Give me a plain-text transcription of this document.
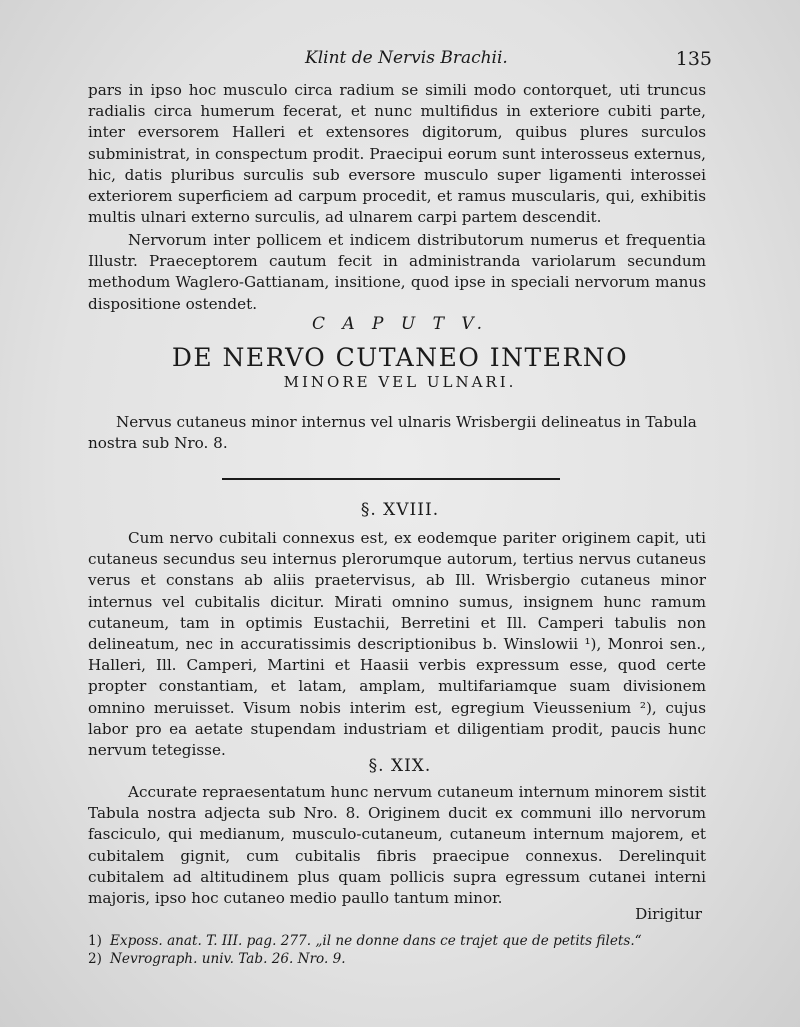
Klint de Nervis Brachii.	135

pars in ipso hoc musculo circa radium se simili modo contorquet, uti truncus radialis circa humerum fecerat, et nunc multifidus in exteriore cubiti parte, inter eversorem Halleri et extensores digitorum, quibus plures surculos subministrat, in conspectum prodit. Praecipui eorum sunt interosseus externus, hic, datis pluribus surculis sub eversore musculo super ligamenti interossei exteriorem superficiem ad carpum procedit, et ramus muscularis, qui, exhibitis multis ulnari externo surculis, ad ulnarem carpi partem descendit.

Nervorum inter pollicem et indicem distributorum numerus et frequentia Illustr. Praeceptorem cautum fecit in administranda variolarum secundum methodum Waglero-Gattianam, insitione, quod ipse in speciali nervorum manus dispositione ostendet.

C A P U T V.
DE NERVO CUTANEO INTERNO
MINORE VEL ULNARI.

Nervus cutaneus minor internus vel ulnaris Wrisbergii delineatus in Tabula nostra sub Nro. 8.

§. XVIII.

Cum nervo cubitali connexus est, ex eodemque pariter originem capit, uti cutaneus secundus seu internus plerorumque autorum, tertius nervus cutaneus verus et constans ab aliis praetervisus, ab Ill. Wrisbergio cutaneus minor internus vel cubitalis dicitur. Mirati omnino sumus, insignem hunc ramum cutaneum, tam in optimis Eustachii, Berretini et Ill. Camperi tabulis non delineatum, nec in accuratissimis descriptionibus b. Winslowii ¹), Monroi sen., Halleri, Ill. Camperi, Martini et Haasii verbis expressum esse, quod certe propter constantiam, et latam, amplam, multifariamque suam divisionem omnino meruisset. Visum nobis interim est, egregium Vieussenium ²), cujus labor pro ea aetate stupendam industriam et diligentiam prodit, paucis hunc nervum tetegisse.

§. XIX.

Accurate repraesentatum hunc nervum cutaneum internum minorem sistit Tabula nostra adjecta sub Nro. 8. Originem ducit ex communi illo nervorum fasciculo, qui medianum, musculo-cutaneum, cutaneum internum majorem, et cubitalem gignit, cum cubitalis fibris praecipue connexus. Derelinquit cubitalem ad altitudinem plus quam pollicis supra egressum cutanei interni majoris, ipso hoc cutaneo medio paullo tantum minor.

Dirigitur
1) Exposs. anat. T. III. pag. 277. „il ne donne dans ce trajet que de petits filets.“
2) Nevrograph. univ. Tab. 26. Nro. 9.
